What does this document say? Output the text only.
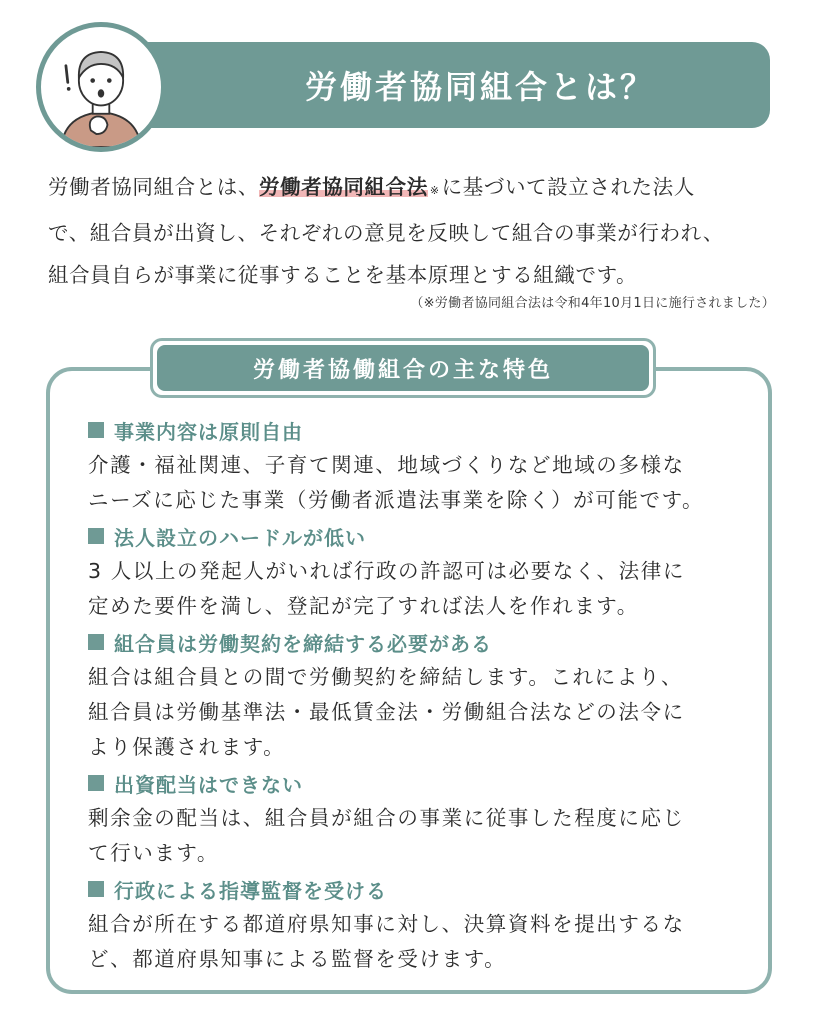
労働者協同組合とは？

労働者協同組合とは、労働者協同組合法 ※に基づいて設立された法人

で、組合員が出資し、それぞれの意見を反映して組合の事業が行われ、

組合員自らが事業に従事することを基本原理とする組織です。

（※労働者協同組合法は令和4年10月1日に施行されました）
労働者協働組合の主な特色
事業内容は原則自由

介護・福祉関連、子育て関連、地域づくりなど地域の多様な

ニーズに応じた事業（労働者派遣法事業を除く）が可能です。

法人設立のハードルが低い

3 人以上の発起人がいれば行政の許認可は必要なく、法律に

定めた要件を満し、登記が完了すれば法人を作れます。

組合員は労働契約を締結する必要がある

組合は組合員との間で労働契約を締結します。これにより、

組合員は労働基準法・最低賃金法・労働組合法などの法令に

より保護されます。

出資配当はできない

剰余金の配当は、組合員が組合の事業に従事した程度に応じ

て行います。

行政による指導監督を受ける

組合が所在する都道府県知事に対し、決算資料を提出するな

ど、都道府県知事による監督を受けます。
